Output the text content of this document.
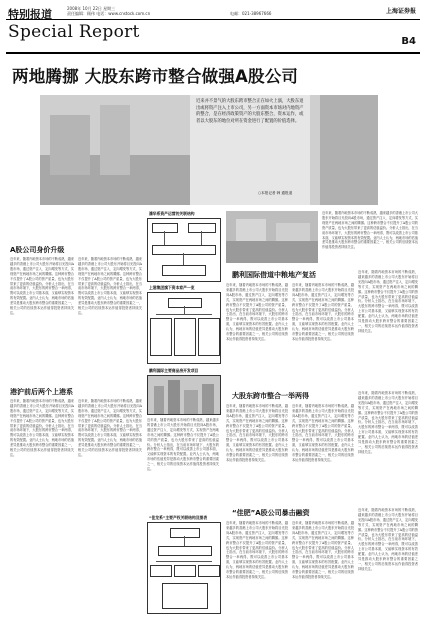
特别报道	2008年 10月 22日 星期三
责任编辑：顾伟 电话：www.cnstock.com.cn	电邮：021-38967666	上海证券报
Special Report	B4
两地腾挪 大股东跨市整合做强A股公司
近来并不景气的大股东跨市整合正在如火上演，大股东退出或将资产注入上市公司，另一方面资本市场对内地资产的整合，是在经济政策资产的大股东整合，资本运作，或者以大股东的地位对所在资金进行了配置的价值选择。
○本报记者 韩 通报道
A股公司身价升级
近年来，随着内地资本市场的不断成熟，越来越多的香港上市公司大股东开始将目光投向A股市场，通过资产注入、定向增发等方式，实现资产在两地市场之间的腾挪。这种跨市整合不仅提升了A股公司的资产质量，也为大股东带来了更高的估值溢价。分析人士指出，在当前市场环境下，大股东的跨市整合一举两得，既可以改善上市公司基本面，又能够实现资本的有效配置。业内人士认为，两地市场的估值差异是推动大股东跨市整合的重要因素之一，相关公司的后续资本运作值得投资者持续关注。
近年来，随着内地资本市场的不断成熟，越来越多的香港上市公司大股东开始将目光投向A股市场，通过资产注入、定向增发等方式，实现资产在两地市场之间的腾挪。这种跨市整合不仅提升了A股公司的资产质量，也为大股东带来了更高的估值溢价。分析人士指出，在当前市场环境下，大股东的跨市整合一举两得，既可以改善上市公司基本面，又能够实现资本的有效配置。业内人士认为，两地市场的估值差异是推动大股东跨市整合的重要因素之一，相关公司的后续资本运作值得投资者持续关注。
港沪前后两个上港系
近年来，随着内地资本市场的不断成熟，越来越多的香港上市公司大股东开始将目光投向A股市场，通过资产注入、定向增发等方式，实现资产在两地市场之间的腾挪。这种跨市整合不仅提升了A股公司的资产质量，也为大股东带来了更高的估值溢价。分析人士指出，在当前市场环境下，大股东的跨市整合一举两得，既可以改善上市公司基本面，又能够实现资本的有效配置。业内人士认为，两地市场的估值差异是推动大股东跨市整合的重要因素之一，相关公司的后续资本运作值得投资者持续关注。
近年来，随着内地资本市场的不断成熟，越来越多的香港上市公司大股东开始将目光投向A股市场，通过资产注入、定向增发等方式，实现资产在两地市场之间的腾挪。这种跨市整合不仅提升了A股公司的资产质量，也为大股东带来了更高的估值溢价。分析人士指出，在当前市场环境下，大股东的跨市整合一举两得，既可以改善上市公司基本面，又能够实现资本的有效配置。业内人士认为，两地市场的估值差异是推动大股东跨市整合的重要因素之一，相关公司的后续资本运作值得投资者持续关注。
潘华系资产运营的关联结构
上港集团旗下资本家产一览
鹏利国际主要商品房开发项目
近年来，随着内地资本市场的不断成熟，越来越多的香港上市公司大股东开始将目光投向A股市场，通过资产注入、定向增发等方式，实现资产在两地市场之间的腾挪。这种跨市整合不仅提升了A股公司的资产质量，也为大股东带来了更高的估值溢价。分析人士指出，在当前市场环境下，大股东的跨市整合一举两得，既可以改善上市公司基本面，又能够实现资本的有效配置。业内人士认为，两地市场的估值差异是推动大股东跨市整合的重要因素之一，相关公司的后续资本运作值得投资者持续关注。
“佳龙系”主要产权关联结构及图表
近年来，随着内地资本市场的不断成熟，越来越多的香港上市公司大股东开始将目光投向A股市场，通过资产注入、定向增发等方式，实现资产在两地市场之间的腾挪。这种跨市整合不仅提升了A股公司的资产质量，也为大股东带来了更高的估值溢价。分析人士指出，在当前市场环境下，大股东的跨市整合一举两得，既可以改善上市公司基本面，又能够实现资本的有效配置。业内人士认为，两地市场的估值差异是推动大股东跨市整合的重要因素之一，相关公司的后续资本运作值得投资者持续关注。
鹏利国际借道中粮地产复活
近年来，随着内地资本市场的不断成熟，越来越多的香港上市公司大股东开始将目光投向A股市场，通过资产注入、定向增发等方式，实现资产在两地市场之间的腾挪。这种跨市整合不仅提升了A股公司的资产质量，也为大股东带来了更高的估值溢价。分析人士指出，在当前市场环境下，大股东的跨市整合一举两得，既可以改善上市公司基本面，又能够实现资本的有效配置。业内人士认为，两地市场的估值差异是推动大股东跨市整合的重要因素之一，相关公司的后续资本运作值得投资者持续关注。
近年来，随着内地资本市场的不断成熟，越来越多的香港上市公司大股东开始将目光投向A股市场，通过资产注入、定向增发等方式，实现资产在两地市场之间的腾挪。这种跨市整合不仅提升了A股公司的资产质量，也为大股东带来了更高的估值溢价。分析人士指出，在当前市场环境下，大股东的跨市整合一举两得，既可以改善上市公司基本面，又能够实现资本的有效配置。业内人士认为，两地市场的估值差异是推动大股东跨市整合的重要因素之一，相关公司的后续资本运作值得投资者持续关注。
近年来，随着内地资本市场的不断成熟，越来越多的香港上市公司大股东开始将目光投向A股市场，通过资产注入、定向增发等方式，实现资产在两地市场之间的腾挪。这种跨市整合不仅提升了A股公司的资产质量，也为大股东带来了更高的估值溢价。分析人士指出，在当前市场环境下，大股东的跨市整合一举两得，既可以改善上市公司基本面，又能够实现资本的有效配置。业内人士认为，两地市场的估值差异是推动大股东跨市整合的重要因素之一，相关公司的后续资本运作值得投资者持续关注。
大股东跨市整合一举两得
近年来，随着内地资本市场的不断成熟，越来越多的香港上市公司大股东开始将目光投向A股市场，通过资产注入、定向增发等方式，实现资产在两地市场之间的腾挪。这种跨市整合不仅提升了A股公司的资产质量，也为大股东带来了更高的估值溢价。分析人士指出，在当前市场环境下，大股东的跨市整合一举两得，既可以改善上市公司基本面，又能够实现资本的有效配置。业内人士认为，两地市场的估值差异是推动大股东跨市整合的重要因素之一，相关公司的后续资本运作值得投资者持续关注。
近年来，随着内地资本市场的不断成熟，越来越多的香港上市公司大股东开始将目光投向A股市场，通过资产注入、定向增发等方式，实现资产在两地市场之间的腾挪。这种跨市整合不仅提升了A股公司的资产质量，也为大股东带来了更高的估值溢价。分析人士指出，在当前市场环境下，大股东的跨市整合一举两得，既可以改善上市公司基本面，又能够实现资本的有效配置。业内人士认为，两地市场的估值差异是推动大股东跨市整合的重要因素之一，相关公司的后续资本运作值得投资者持续关注。
近年来，随着内地资本市场的不断成熟，越来越多的香港上市公司大股东开始将目光投向A股市场，通过资产注入、定向增发等方式，实现资产在两地市场之间的腾挪。这种跨市整合不仅提升了A股公司的资产质量，也为大股东带来了更高的估值溢价。分析人士指出，在当前市场环境下，大股东的跨市整合一举两得，既可以改善上市公司基本面，又能够实现资本的有效配置。业内人士认为，两地市场的估值差异是推动大股东跨市整合的重要因素之一，相关公司的后续资本运作值得投资者持续关注。
“佳肥”A股公司暴击融资
近年来，随着内地资本市场的不断成熟，越来越多的香港上市公司大股东开始将目光投向A股市场，通过资产注入、定向增发等方式，实现资产在两地市场之间的腾挪。这种跨市整合不仅提升了A股公司的资产质量，也为大股东带来了更高的估值溢价。分析人士指出，在当前市场环境下，大股东的跨市整合一举两得，既可以改善上市公司基本面，又能够实现资本的有效配置。业内人士认为，两地市场的估值差异是推动大股东跨市整合的重要因素之一，相关公司的后续资本运作值得投资者持续关注。
近年来，随着内地资本市场的不断成熟，越来越多的香港上市公司大股东开始将目光投向A股市场，通过资产注入、定向增发等方式，实现资产在两地市场之间的腾挪。这种跨市整合不仅提升了A股公司的资产质量，也为大股东带来了更高的估值溢价。分析人士指出，在当前市场环境下，大股东的跨市整合一举两得，既可以改善上市公司基本面，又能够实现资本的有效配置。业内人士认为，两地市场的估值差异是推动大股东跨市整合的重要因素之一，相关公司的后续资本运作值得投资者持续关注。
近年来，随着内地资本市场的不断成熟，越来越多的香港上市公司大股东开始将目光投向A股市场，通过资产注入、定向增发等方式，实现资产在两地市场之间的腾挪。这种跨市整合不仅提升了A股公司的资产质量，也为大股东带来了更高的估值溢价。分析人士指出，在当前市场环境下，大股东的跨市整合一举两得，既可以改善上市公司基本面，又能够实现资本的有效配置。业内人士认为，两地市场的估值差异是推动大股东跨市整合的重要因素之一，相关公司的后续资本运作值得投资者持续关注。
